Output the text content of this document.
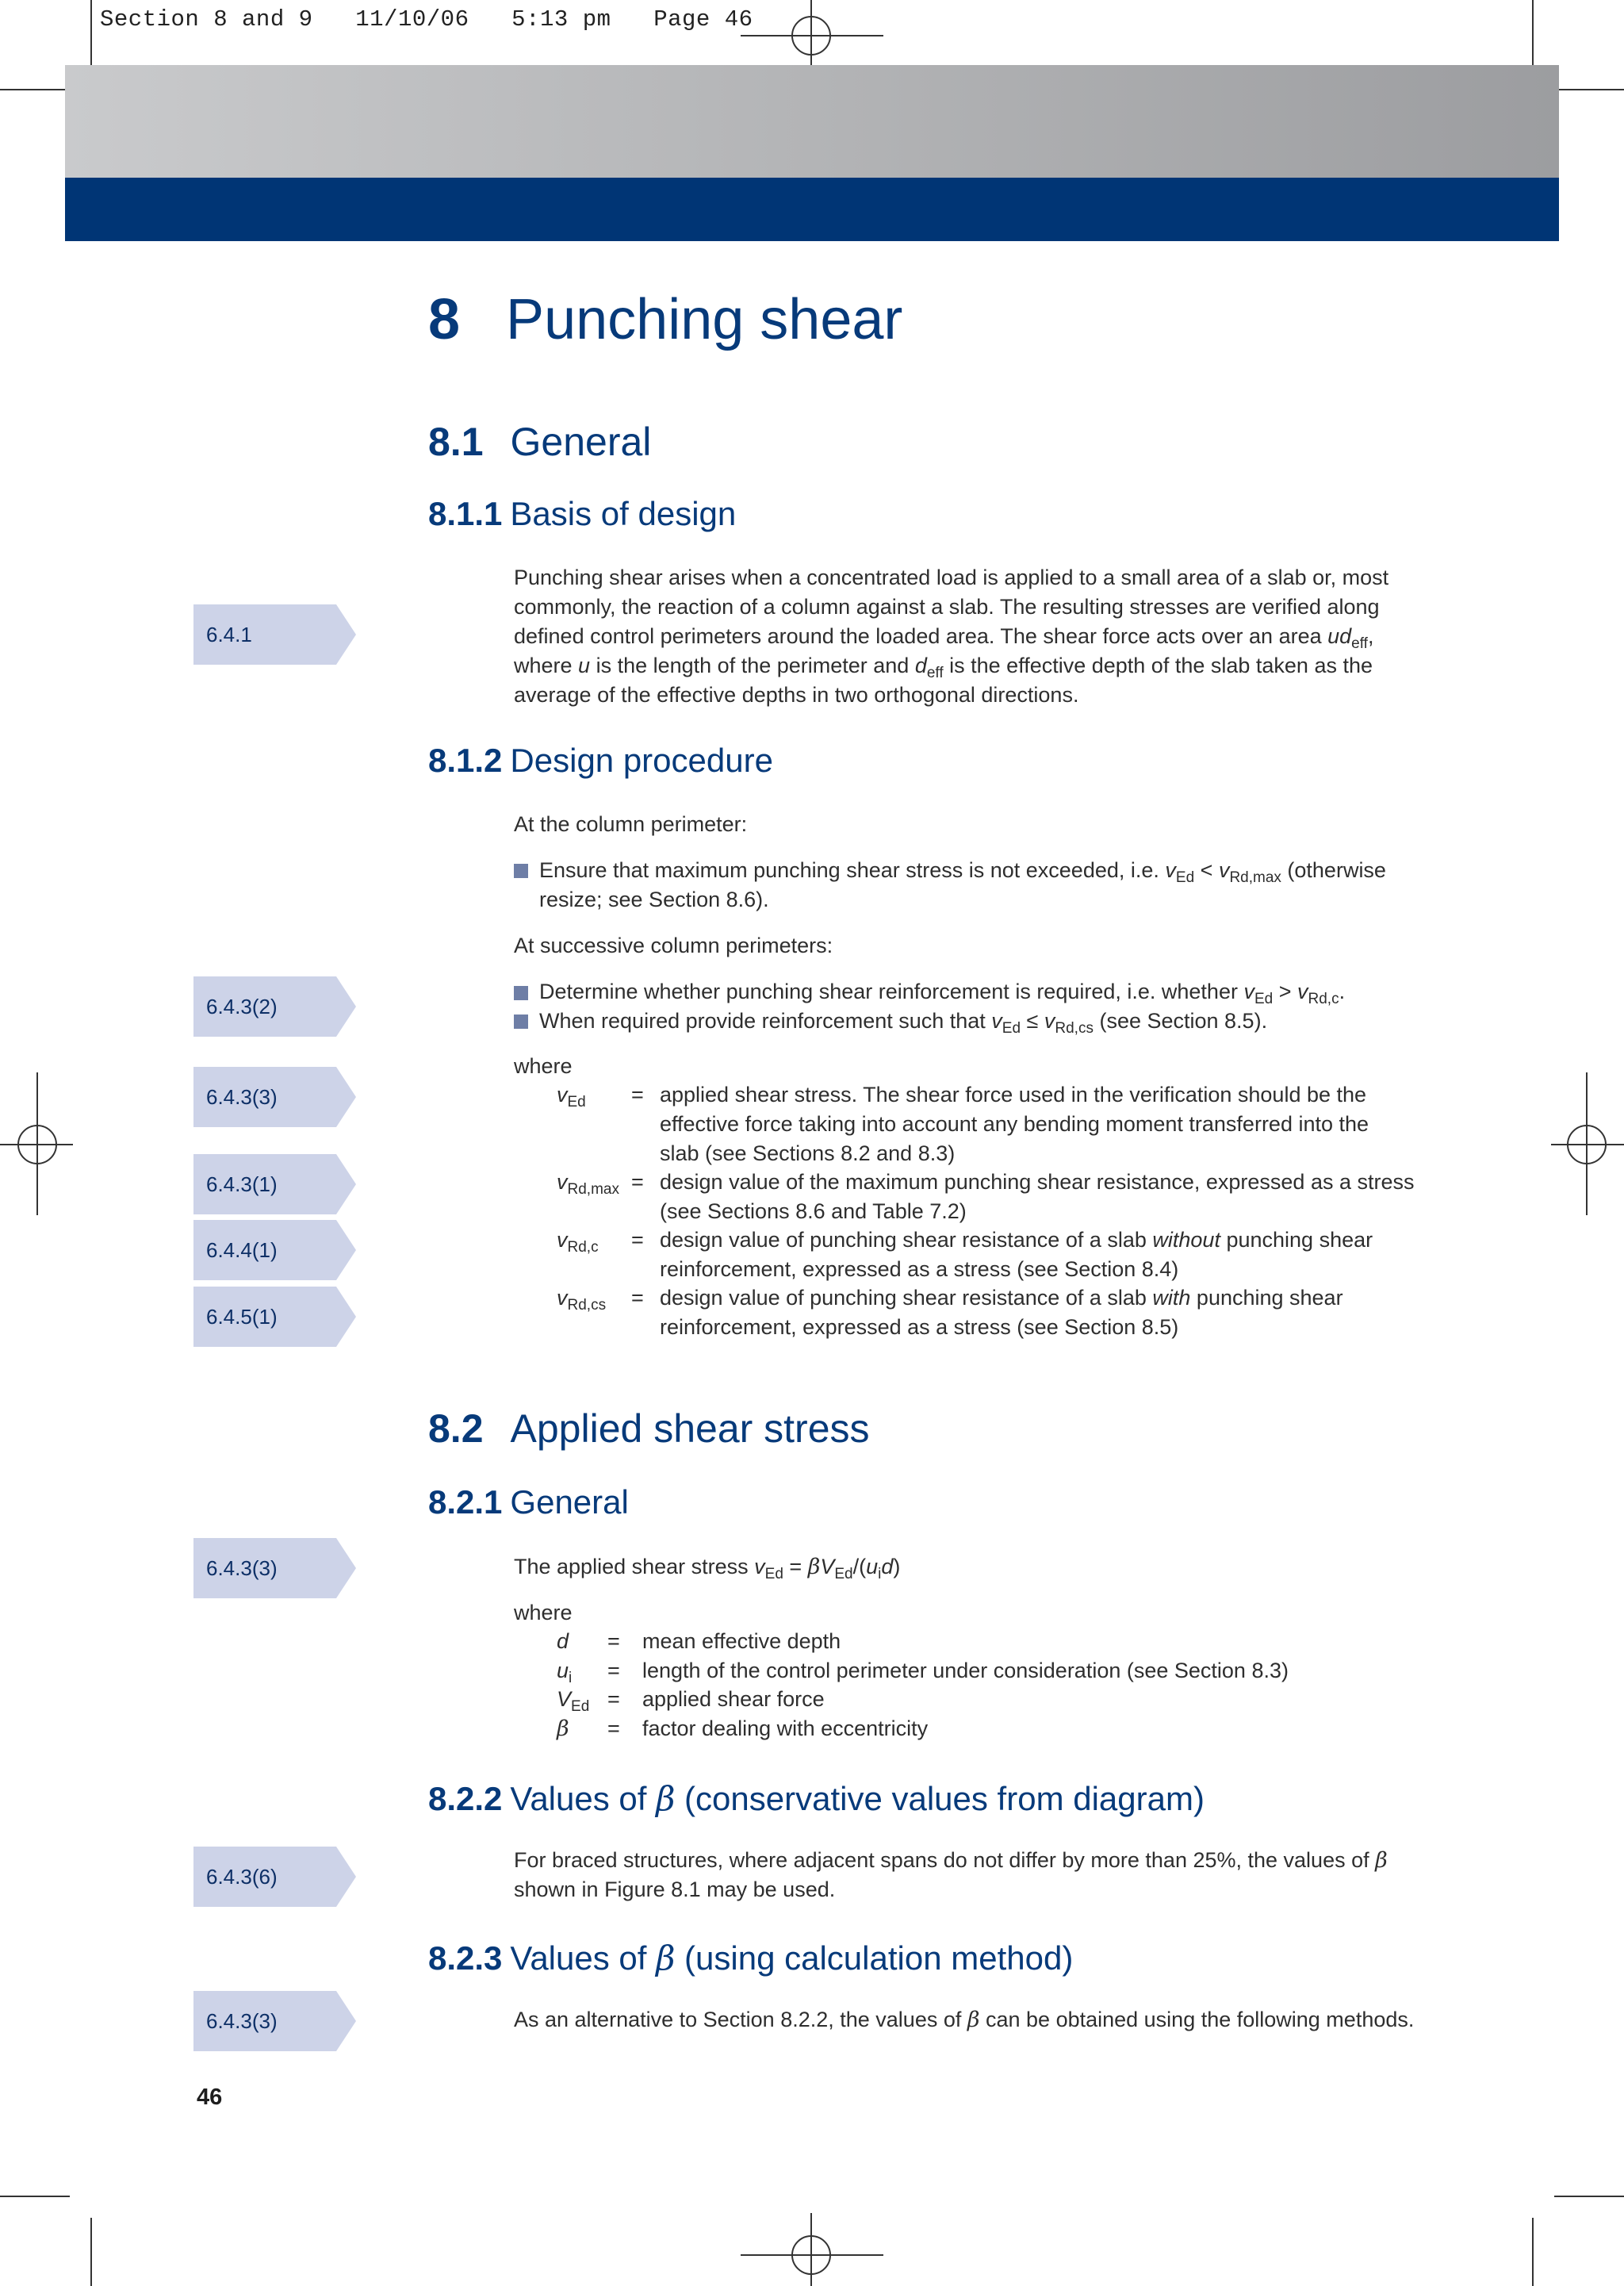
Section 8 and 9   11/10/06   5:13 pm   Page 46
8 Punching shear
8.1 General
8.1.1 Basis of design
Punching shear arises when a concentrated load is applied to a small area of a slab or, most
commonly, the reaction of a column against a slab. The resulting stresses are verified along
defined control perimeters around the loaded area. The shear force acts over an area $ud_{eff}$,
where u is the length of the perimeter and $d_{eff}$ is the effective depth of the slab taken as the
average of the effective depths in two orthogonal directions.
8.1.2 Design procedure
At the column perimeter:
Ensure that maximum punching shear stress is not exceeded, i.e. $v_{Ed} < v_{Rd,max}$ (otherwise
resize; see Section 8.6).
At successive column perimeters:
Determine whether punching shear reinforcement is required, i.e. whether $v_{Ed} > v_{Rd,c}$.
When required provide reinforcement such that $v_{Ed} \le v_{Rd,cs}$ (see Section 8.5).
where
$v_{Ed}$ = applied shear stress. The shear force used in the verification should be the
effective force taking into account any bending moment transferred into the
slab (see Sections 8.2 and 8.3)
$v_{Rd,max}$ = design value of the maximum punching shear resistance, expressed as a stress
(see Sections 8.6 and Table 7.2)
$v_{Rd,c}$ = design value of punching shear resistance of a slab without punching shear
reinforcement, expressed as a stress (see Section 8.4)
$v_{Rd,cs}$ = design value of punching shear resistance of a slab with punching shear
reinforcement, expressed as a stress (see Section 8.5)
8.2 Applied shear stress
8.2.1 General
The applied shear stress $v_{Ed} = \beta V_{Ed}/(u_id)$
where
d = mean effective depth
$u_i$ = length of the control perimeter under consideration (see Section 8.3)
$V_{Ed}$ = applied shear force
β = factor dealing with eccentricity
8.2.2 Values of β (conservative values from diagram)
For braced structures, where adjacent spans do not differ by more than 25%, the values of β
shown in Figure 8.1 may be used.
8.2.3 Values of β (using calculation method)
As an alternative to Section 8.2.2, the values of β can be obtained using the following methods.
6.4.1
6.4.3(2)
6.4.3(3)
6.4.3(1)
6.4.4(1)
6.4.5(1)
6.4.3(3)
6.4.3(6)
6.4.3(3)
46
